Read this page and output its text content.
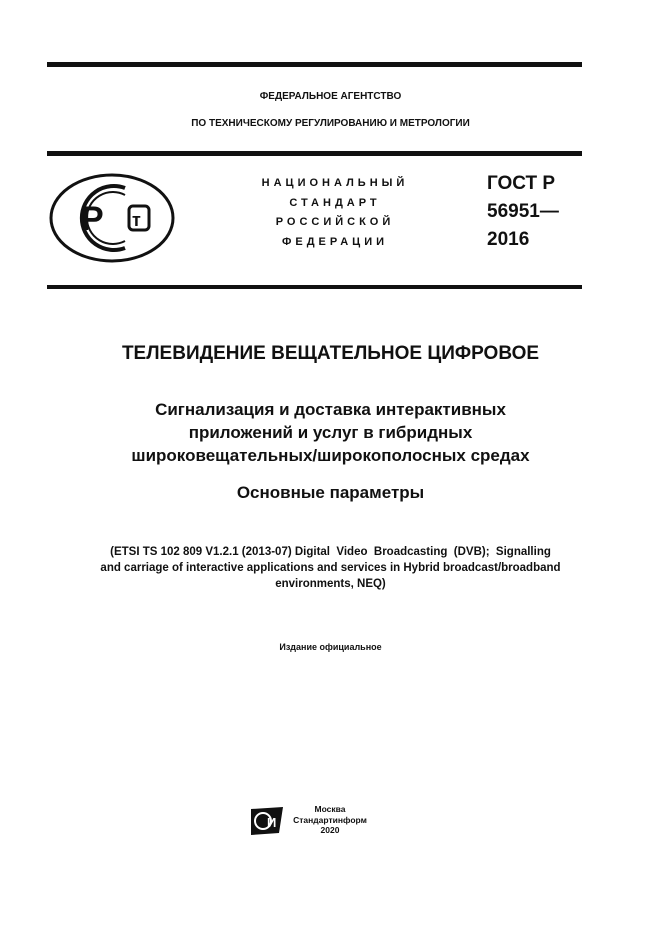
ФЕДЕРАЛЬНОЕ АГЕНТСТВО
ПО ТЕХНИЧЕСКОМУ РЕГУЛИРОВАНИЮ И МЕТРОЛОГИИ
P т
НАЦИОНАЛЬНЫЙ
СТАНДАРТ
РОССИЙСКОЙ
ФЕДЕРАЦИИ
ГОСТ Р
56951—
2016
ТЕЛЕВИДЕНИЕ ВЕЩАТЕЛЬНОЕ ЦИФРОВОЕ
Сигнализация и доставка интерактивных
приложений и услуг в гибридных
широковещательных/широкополосных средах
Основные параметры
(ETSI TS 102 809 V1.2.1 (2013-07) Digital  Video  Broadcasting  (DVB);  Signalling
and carriage of interactive applications and services in Hybrid broadcast/broadband
environments, NEQ)
Издание официальное
И
Москва
Стандартинформ
2020
